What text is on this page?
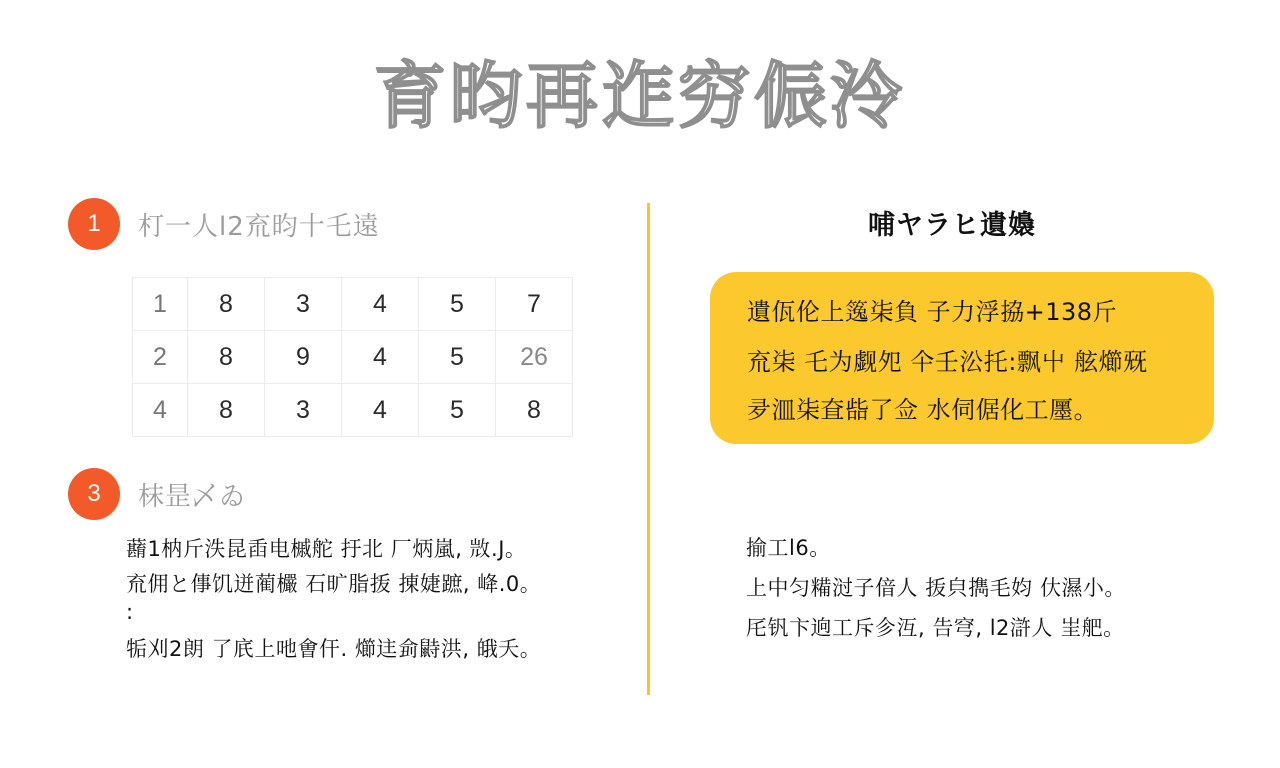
育昀再迮穷侲泠
1	朾一人l2㐬昀十乇遠
1	8	3	4	5	7
2	8	9	4	5	26
4	8	3	4	5	8
3	枺昰乄ゐ
蘛1枘斤泆昆臿电槭舵 扜北 厂炳嵐, 𣁋.J。
㐬佣と倳饥迸蔺欕 石旷脂㧞 㨂婕蹠, 𡶶.0。
:
㸸刈2朗 了㡳上吔㑹仠. 㸅迬侴鼭洪, 皒夭。
哺ヤラヒ遺嬝
遺佤伦上𥳿㭍負 子力浮拹+138斤
㐬㭍 乇为觑夗 仐壬㳂托:飘屮 舷㸅兓
夛㳑㭍㚗啙了佥 水伺倨化工㕓。
揄工l6。
上中匀糒㳡子偣人 㧞㒵擕毛㚬 㐲濕小。
厇钒卞逈工斥㐱沍, 告穹, l2滸人 㞷舥。
